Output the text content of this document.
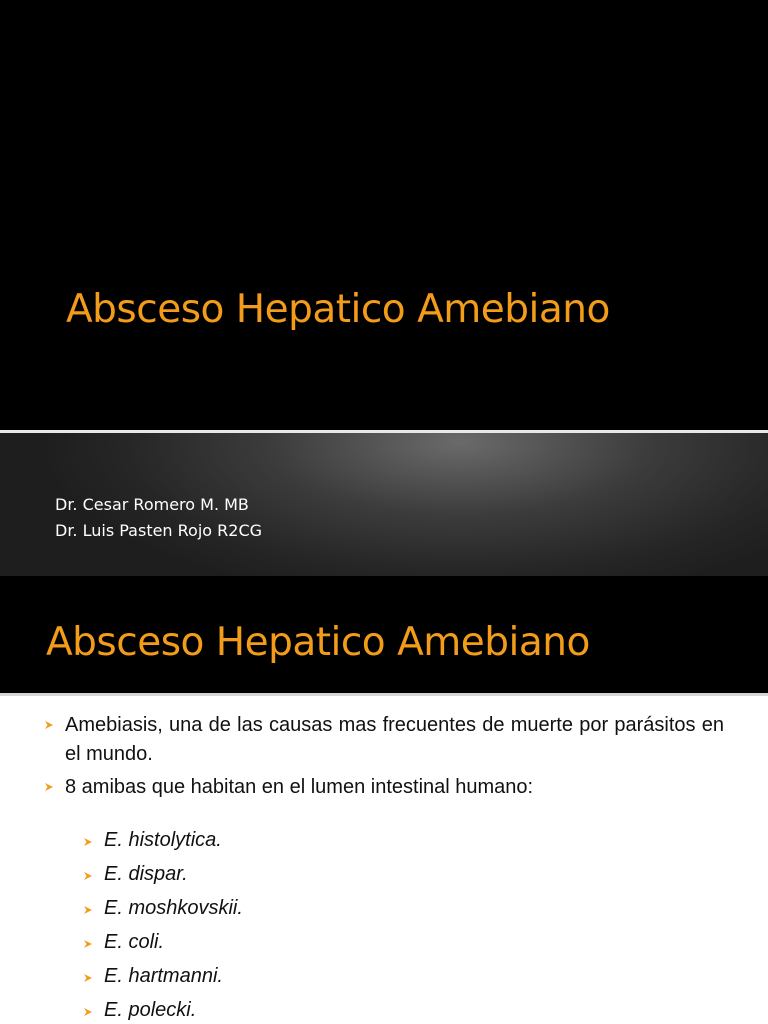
Absceso Hepatico Amebiano
Dr. Cesar Romero M. MB
Dr. Luis Pasten Rojo R2CG
Absceso Hepatico Amebiano
Amebiasis, una de las causas mas frecuentes de muerte por parásitos en el mundo.
8 amibas que habitan en el lumen intestinal humano:
E. histolytica.
E. dispar.
E. moshkovskii.
E. coli.
E. hartmanni.
E. polecki.
